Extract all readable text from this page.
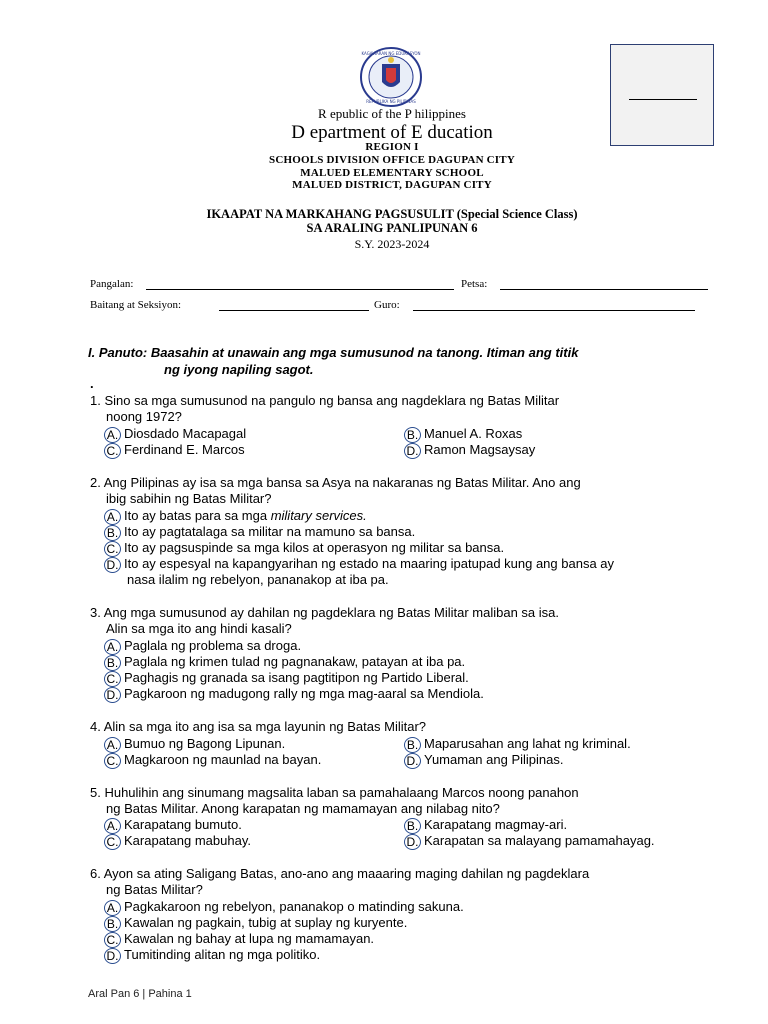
KAGAWARAN NG EDUKASYON
REPUBLIKA NG PILIPINAS
R epublic of the P hilippines
D epartment of E ducation
REGION I
SCHOOLS DIVISION OFFICE DAGUPAN CITY
MALUED ELEMENTARY SCHOOL
MALUED DISTRICT, DAGUPAN CITY
IKAAPAT NA MARKAHANG PAGSUSULIT (Special Science Class)
SA ARALING PANLIPUNAN 6
S.Y. 2023-2024
Pangalan:	Petsa:
Baitang at Seksiyon:	Guro:
I. Panuto: Baasahin at unawain ang mga sumusunod na tanong. Itiman ang titik
ng iyong napiling sagot.
.
1. Sino sa mga sumusunod na pangulo ng bansa ang nagdeklara ng Batas Militar
noong 1972?
A. Diosdado Macapagal	B. Manuel A. Roxas
C. Ferdinand E. Marcos	D. Ramon Magsaysay
2. Ang Pilipinas ay isa sa mga bansa sa Asya na nakaranas ng Batas Militar. Ano ang
ibig sabihin ng Batas Militar?
A. Ito ay batas para sa mga military services.
B. Ito ay pagtatalaga sa militar na mamuno sa bansa.
C. Ito ay pagsuspinde sa mga kilos at operasyon ng militar sa bansa.
D. Ito ay espesyal na kapangyarihan ng estado na maaring ipatupad kung ang bansa ay
nasa ilalim ng rebelyon, pananakop at iba pa.
3. Ang mga sumusunod ay dahilan ng pagdeklara ng Batas Militar maliban sa isa.
Alin sa mga ito ang hindi kasali?
A. Paglala ng problema sa droga.
B. Paglala ng krimen tulad ng pagnanakaw, patayan at iba pa.
C. Paghagis ng granada sa isang pagtitipon ng Partido Liberal.
D. Pagkaroon ng madugong rally ng mga mag-aaral sa Mendiola.
4. Alin sa mga ito ang isa sa mga layunin ng Batas Militar?
A. Bumuo ng Bagong Lipunan.	B. Maparusahan ang lahat ng kriminal.
C. Magkaroon ng maunlad na bayan.	D. Yumaman ang Pilipinas.
5. Huhulihin ang sinumang magsalita laban sa pamahalaang Marcos noong panahon
ng Batas Militar. Anong karapatan ng mamamayan ang nilabag nito?
A. Karapatang bumuto.	B. Karapatang magmay-ari.
C. Karapatang mabuhay.	D. Karapatan sa malayang pamamahayag.
6. Ayon sa ating Saligang Batas, ano-ano ang maaaring maging dahilan ng pagdeklara
ng Batas Militar?
A. Pagkakaroon ng rebelyon, pananakop o matinding sakuna.
B. Kawalan ng pagkain, tubig at suplay ng kuryente.
C. Kawalan ng bahay at lupa ng mamamayan.
D. Tumitinding alitan ng mga politiko.
Aral Pan 6 | Pahina 1
